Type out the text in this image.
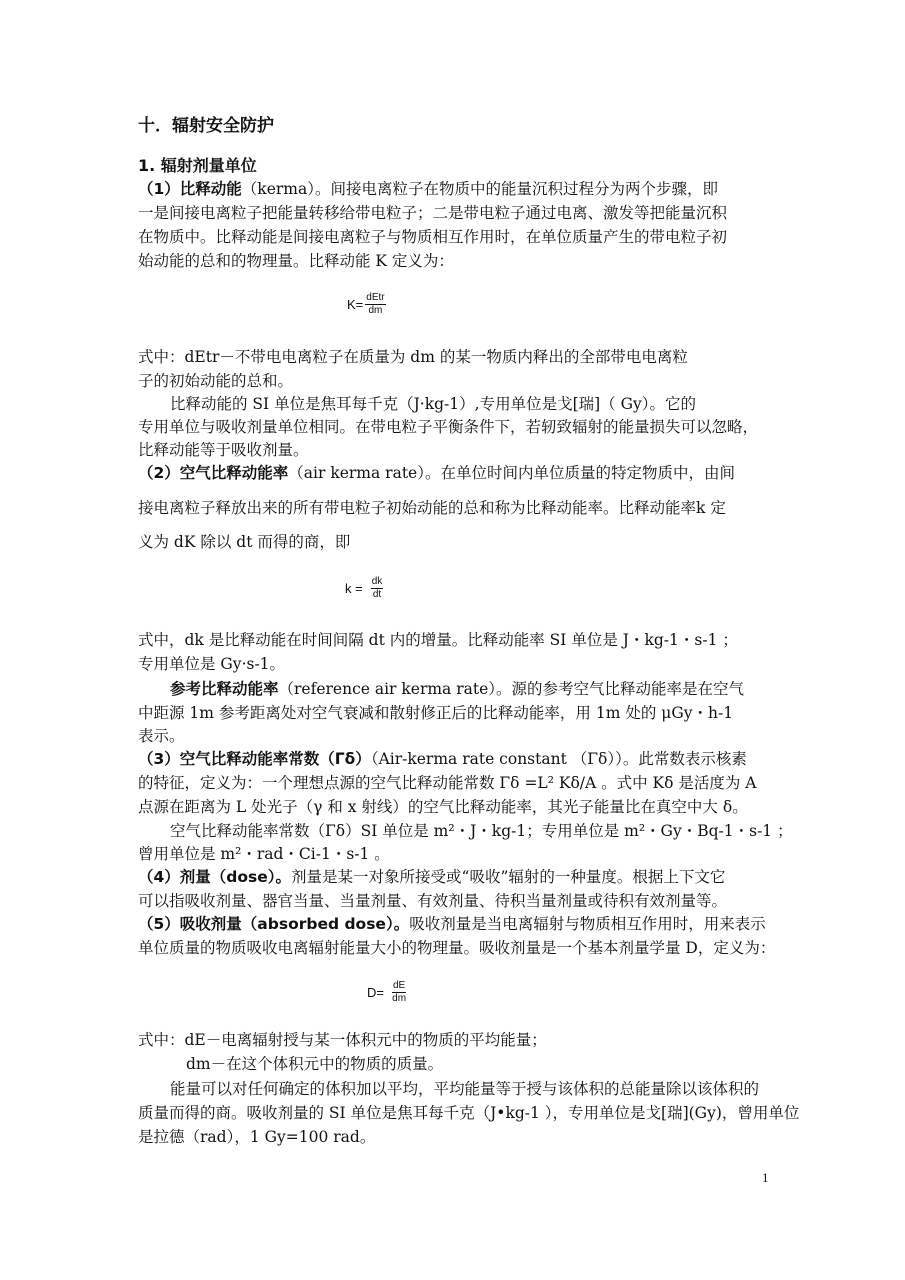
十．辐射安全防护
1. 辐射剂量单位
（1）比释动能（kerma）。间接电离粒子在物质中的能量沉积过程分为两个步骤，即
一是间接电离粒子把能量转移给带电粒子；二是带电粒子通过电离、激发等把能量沉积
在物质中。比释动能是间接电离粒子与物质相互作用时，在单位质量产生的带电粒子初
始动能的总和的物理量。比释动能 K 定义为：
$K= \frac{\text{dEtr}}{dm}$
式中：dEtr－不带电电离粒子在质量为 dm 的某一物质内释出的全部带电电离粒
子的初始动能的总和。
比释动能的 SI 单位是焦耳每千克（J·kg-1）,专用单位是戈[瑞]（ Gy）。它的
专用单位与吸收剂量单位相同。在带电粒子平衡条件下，若轫致辐射的能量损失可以忽略，
比释动能等于吸收剂量。
（2）空气比释动能率（air kerma rate）。在单位时间内单位质量的特定物质中，由间
接电离粒子释放出来的所有带电粒子初始动能的总和称为比释动能率。比释动能率k 定
义为 dK 除以 dt 而得的商，即
$k = \frac{dk}{dt}$
式中，dk 是比释动能在时间间隔 dt 内的增量。比释动能率 SI 单位是 J・kg-1・s-1 ；
专用单位是 Gy·s-1。
参考比释动能率（reference air kerma rate）。源的参考空气比释动能率是在空气
中距源 1m 参考距离处对空气衰减和散射修正后的比释动能率，用 1m 处的 μGy・h-1
表示。
（3）空气比释动能率常数（Γδ）（Air-kerma rate constant （Γδ））。此常数表示核素
的特征，定义为：一个理想点源的空气比释动能常数 Γδ =L² Kδ/A 。式中 Kδ 是活度为 A
点源在距离为 L 处光子（γ 和 x 射线）的空气比释动能率，其光子能量比在真空中大 δ。
空气比释动能率常数（Γδ）SI 单位是 m²・J・kg-1；专用单位是 m²・Gy・Bq-1・s-1 ；
曾用单位是 m²・rad・Ci-1・s-1 。
（4）剂量（dose）。剂量是某一对象所接受或“吸收”辐射的一种量度。根据上下文它
可以指吸收剂量、器官当量、当量剂量、有效剂量、待积当量剂量或待积有效剂量等。
（5）吸收剂量（absorbed dose）。吸收剂量是当电离辐射与物质相互作用时，用来表示
单位质量的物质吸收电离辐射能量大小的物理量。吸收剂量是一个基本剂量学量 D，定义为：
$D= \frac{dE}{dm}$
式中：dE－电离辐射授与某一体积元中的物质的平均能量；
dm－在这个体积元中的物质的质量。
能量可以对任何确定的体积加以平均，平均能量等于授与该体积的总能量除以该体积的
质量而得的商。吸收剂量的 SI 单位是焦耳每千克（J•kg-1 ），专用单位是戈[瑞](Gy)，曾用单位
是拉德（rad），1 Gy=100 rad。
1
